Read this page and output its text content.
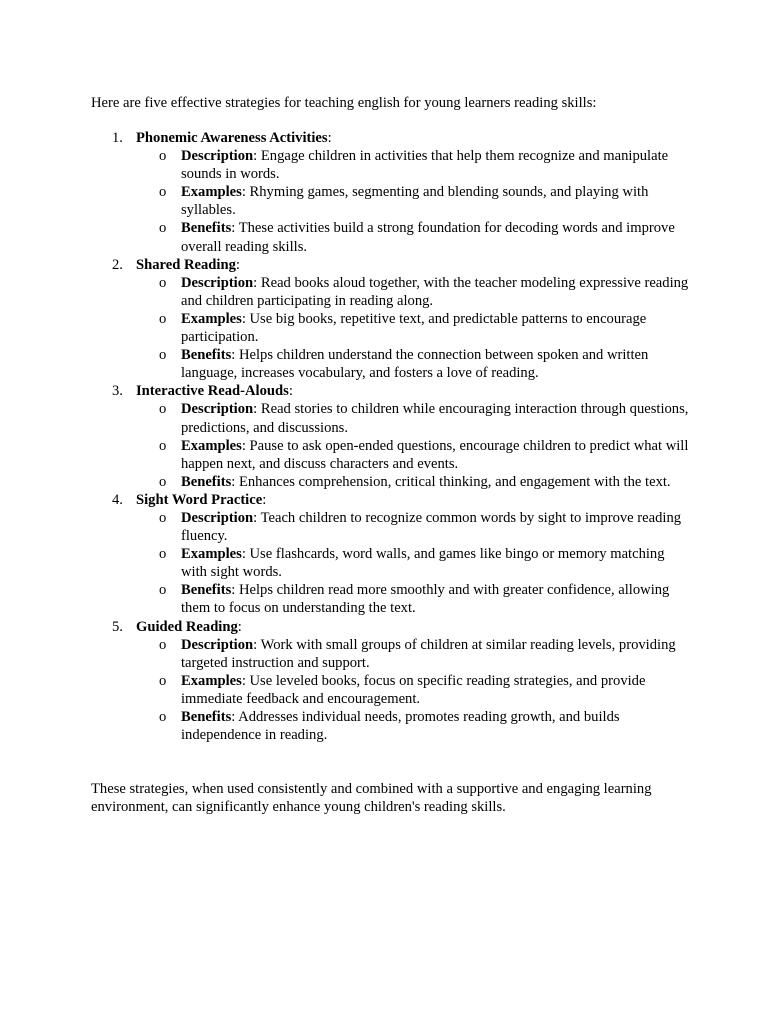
Here are five effective strategies for teaching english for young learners reading skills:

1. Phonemic Awareness Activities:
o Description: Engage children in activities that help them recognize and manipulate sounds in words.
o Examples: Rhyming games, segmenting and blending sounds, and playing with syllables.
o Benefits: These activities build a strong foundation for decoding words and improve overall reading skills.
2. Shared Reading:
o Description: Read books aloud together, with the teacher modeling expressive reading and children participating in reading along.
o Examples: Use big books, repetitive text, and predictable patterns to encourage participation.
o Benefits: Helps children understand the connection between spoken and written language, increases vocabulary, and fosters a love of reading.
3. Interactive Read-Alouds:
o Description: Read stories to children while encouraging interaction through questions, predictions, and discussions.
o Examples: Pause to ask open-ended questions, encourage children to predict what will happen next, and discuss characters and events.
o Benefits: Enhances comprehension, critical thinking, and engagement with the text.
4. Sight Word Practice:
o Description: Teach children to recognize common words by sight to improve reading fluency.
o Examples: Use flashcards, word walls, and games like bingo or memory matching with sight words.
o Benefits: Helps children read more smoothly and with greater confidence, allowing them to focus on understanding the text.
5. Guided Reading:
o Description: Work with small groups of children at similar reading levels, providing targeted instruction and support.
o Examples: Use leveled books, focus on specific reading strategies, and provide immediate feedback and encouragement.
o Benefits: Addresses individual needs, promotes reading growth, and builds independence in reading.

These strategies, when used consistently and combined with a supportive and engaging learning environment, can significantly enhance young children's reading skills.
